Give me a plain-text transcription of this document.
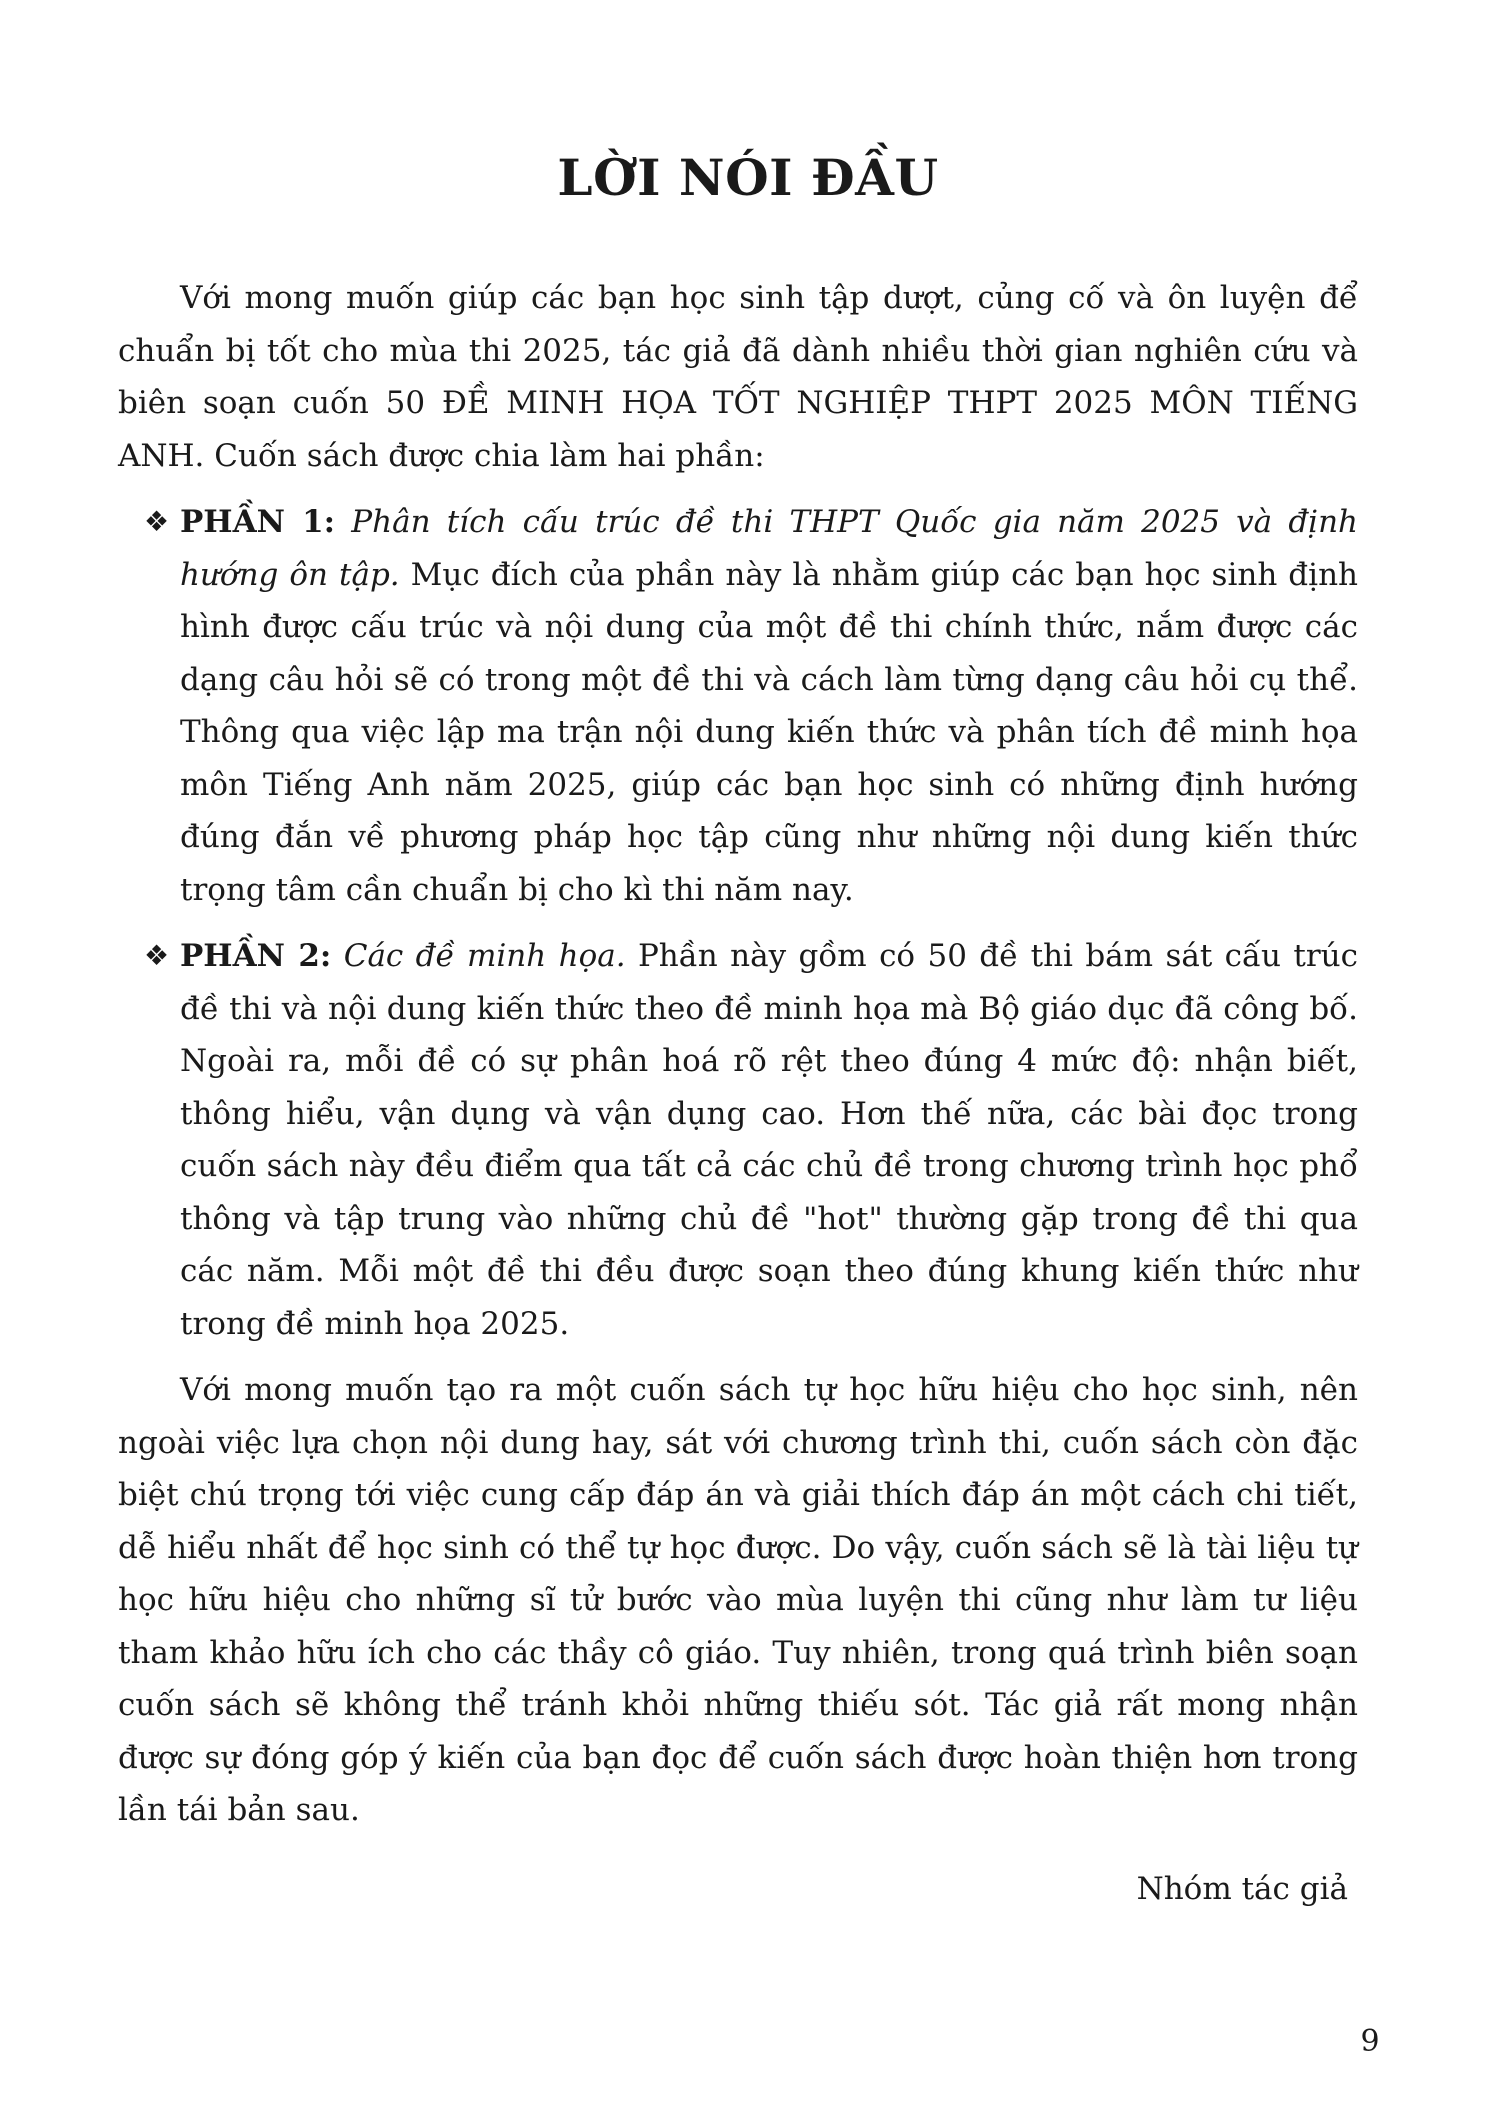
LỜI NÓI ĐẦU

Với mong muốn giúp các bạn học sinh tập dượt, củng cố và ôn luyện để chuẩn bị tốt cho mùa thi 2025, tác giả đã dành nhiều thời gian nghiên cứu và biên soạn cuốn 50 ĐỀ MINH HỌA TỐT NGHIỆP THPT 2025 MÔN TIẾNG ANH. Cuốn sách được chia làm hai phần:

❖ PHẦN 1: Phân tích cấu trúc đề thi THPT Quốc gia năm 2025 và định hướng ôn tập. Mục đích của phần này là nhằm giúp các bạn học sinh định hình được cấu trúc và nội dung của một đề thi chính thức, nắm được các dạng câu hỏi sẽ có trong một đề thi và cách làm từng dạng câu hỏi cụ thể. Thông qua việc lập ma trận nội dung kiến thức và phân tích đề minh họa môn Tiếng Anh năm 2025, giúp các bạn học sinh có những định hướng đúng đắn về phương pháp học tập cũng như những nội dung kiến thức trọng tâm cần chuẩn bị cho kì thi năm nay.

❖ PHẦN 2: Các đề minh họa. Phần này gồm có 50 đề thi bám sát cấu trúc đề thi và nội dung kiến thức theo đề minh họa mà Bộ giáo dục đã công bố. Ngoài ra, mỗi đề có sự phân hoá rõ rệt theo đúng 4 mức độ: nhận biết, thông hiểu, vận dụng và vận dụng cao. Hơn thế nữa, các bài đọc trong cuốn sách này đều điểm qua tất cả các chủ đề trong chương trình học phổ thông và tập trung vào những chủ đề "hot" thường gặp trong đề thi qua các năm. Mỗi một đề thi đều được soạn theo đúng khung kiến thức như trong đề minh họa 2025.

Với mong muốn tạo ra một cuốn sách tự học hữu hiệu cho học sinh, nên ngoài việc lựa chọn nội dung hay, sát với chương trình thi, cuốn sách còn đặc biệt chú trọng tới việc cung cấp đáp án và giải thích đáp án một cách chi tiết, dễ hiểu nhất để học sinh có thể tự học được. Do vậy, cuốn sách sẽ là tài liệu tự học hữu hiệu cho những sĩ tử bước vào mùa luyện thi cũng như làm tư liệu tham khảo hữu ích cho các thầy cô giáo. Tuy nhiên, trong quá trình biên soạn cuốn sách sẽ không thể tránh khỏi những thiếu sót. Tác giả rất mong nhận được sự đóng góp ý kiến của bạn đọc để cuốn sách được hoàn thiện hơn trong lần tái bản sau.

Nhóm tác giả

9
